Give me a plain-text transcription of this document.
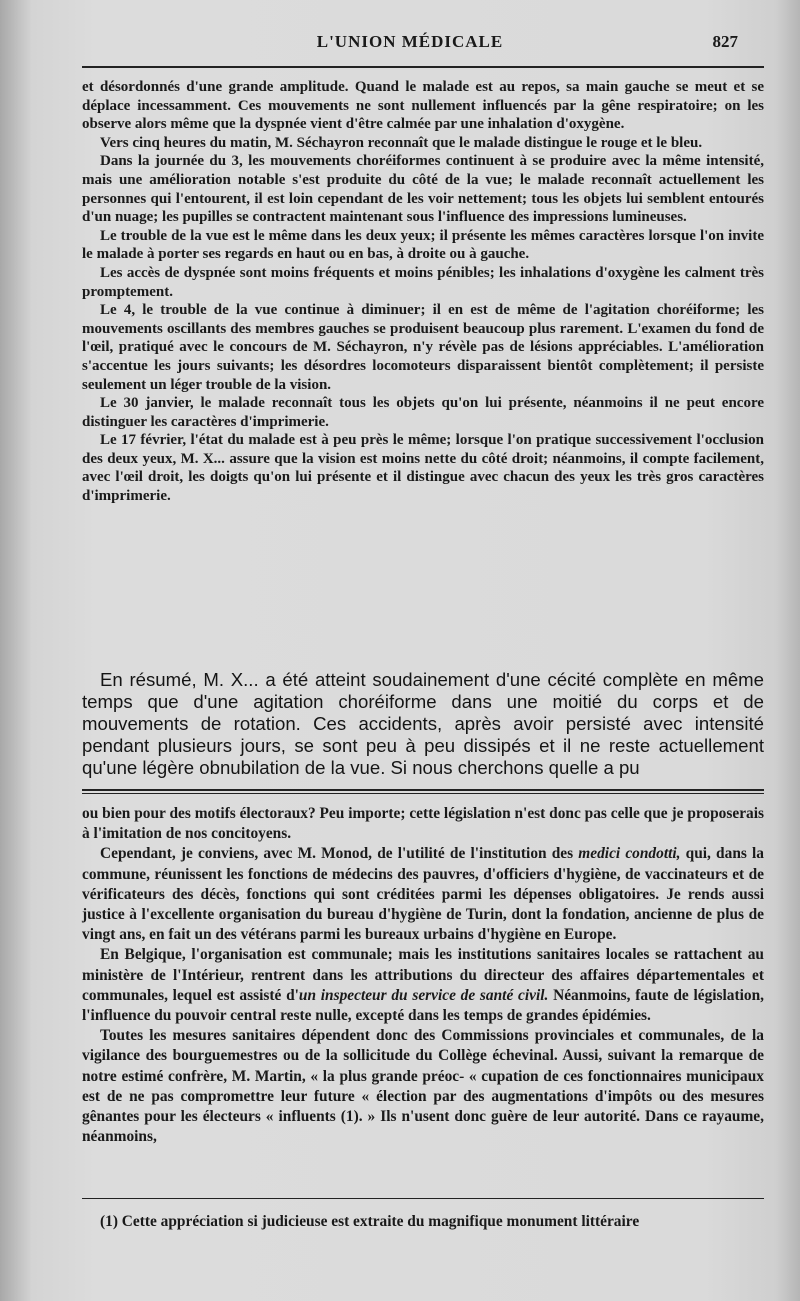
L'UNION MÉDICALE	827

et désordonnés d'une grande amplitude. Quand le malade est au repos, sa main gauche se meut et se déplace incessamment. Ces mouvements ne sont nullement influencés par la gêne respiratoire; on les observe alors même que la dyspnée vient d'être calmée par une inhalation d'oxygène.

Vers cinq heures du matin, M. Séchayron reconnaît que le malade distingue le rouge et le bleu.

Dans la journée du 3, les mouvements choréiformes continuent à se produire avec la même intensité, mais une amélioration notable s'est produite du côté de la vue; le malade reconnaît actuellement les personnes qui l'entourent, il est loin cependant de les voir nettement; tous les objets lui semblent entourés d'un nuage; les pupilles se contractent maintenant sous l'influence des impressions lumineuses.

Le trouble de la vue est le même dans les deux yeux; il présente les mêmes caractères lorsque l'on invite le malade à porter ses regards en haut ou en bas, à droite ou à gauche.

Les accès de dyspnée sont moins fréquents et moins pénibles; les inhalations d'oxygène les calment très promptement.

Le 4, le trouble de la vue continue à diminuer; il en est de même de l'agitation choréiforme; les mouvements oscillants des membres gauches se produisent beaucoup plus rarement. L'examen du fond de l'œil, pratiqué avec le concours de M. Séchayron, n'y révèle pas de lésions appréciables. L'amélioration s'accentue les jours suivants; les désordres locomoteurs disparaissent bientôt complètement; il persiste seulement un léger trouble de la vision.

Le 30 janvier, le malade reconnaît tous les objets qu'on lui présente, néanmoins il ne peut encore distinguer les caractères d'imprimerie.

Le 17 février, l'état du malade est à peu près le même; lorsque l'on pratique successivement l'occlusion des deux yeux, M. X... assure que la vision est moins nette du côté droit; néanmoins, il compte facilement, avec l'œil droit, les doigts qu'on lui présente et il distingue avec chacun des yeux les très gros caractères d'imprimerie.

En résumé, M. X... a été atteint soudainement d'une cécité complète en même temps que d'une agitation choréiforme dans une moitié du corps et de mouvements de rotation. Ces accidents, après avoir persisté avec intensité pendant plusieurs jours, se sont peu à peu dissipés et il ne reste actuellement qu'une légère obnubilation de la vue. Si nous cherchons quelle a pu

ou bien pour des motifs électoraux? Peu importe; cette législation n'est donc pas celle que je proposerais à l'imitation de nos concitoyens.

Cependant, je conviens, avec M. Monod, de l'utilité de l'institution des medici condotti, qui, dans la commune, réunissent les fonctions de médecins des pauvres, d'officiers d'hygiène, de vaccinateurs et de vérificateurs des décès, fonctions qui sont créditées parmi les dépenses obligatoires. Je rends aussi justice à l'excellente organisation du bureau d'hygiène de Turin, dont la fondation, ancienne de plus de vingt ans, en fait un des vétérans parmi les bureaux urbains d'hygiène en Europe.

En Belgique, l'organisation est communale; mais les institutions sanitaires locales se rattachent au ministère de l'Intérieur, rentrent dans les attributions du directeur des affaires départementales et communales, lequel est assisté d'un inspecteur du service de santé civil. Néanmoins, faute de législation, l'influence du pouvoir central reste nulle, excepté dans les temps de grandes épidémies.

Toutes les mesures sanitaires dépendent donc des Commissions provinciales et communales, de la vigilance des bourguemestres ou de la sollicitude du Collège échevinal. Aussi, suivant la remarque de notre estimé confrère, M. Martin, « la plus grande préoc- « cupation de ces fonctionnaires municipaux est de ne pas compromettre leur future « élection par des augmentations d'impôts ou des mesures gênantes pour les électeurs « influents (1). » Ils n'usent donc guère de leur autorité. Dans ce rayaume, néanmoins,

(1) Cette appréciation si judicieuse est extraite du magnifique monument littéraire
